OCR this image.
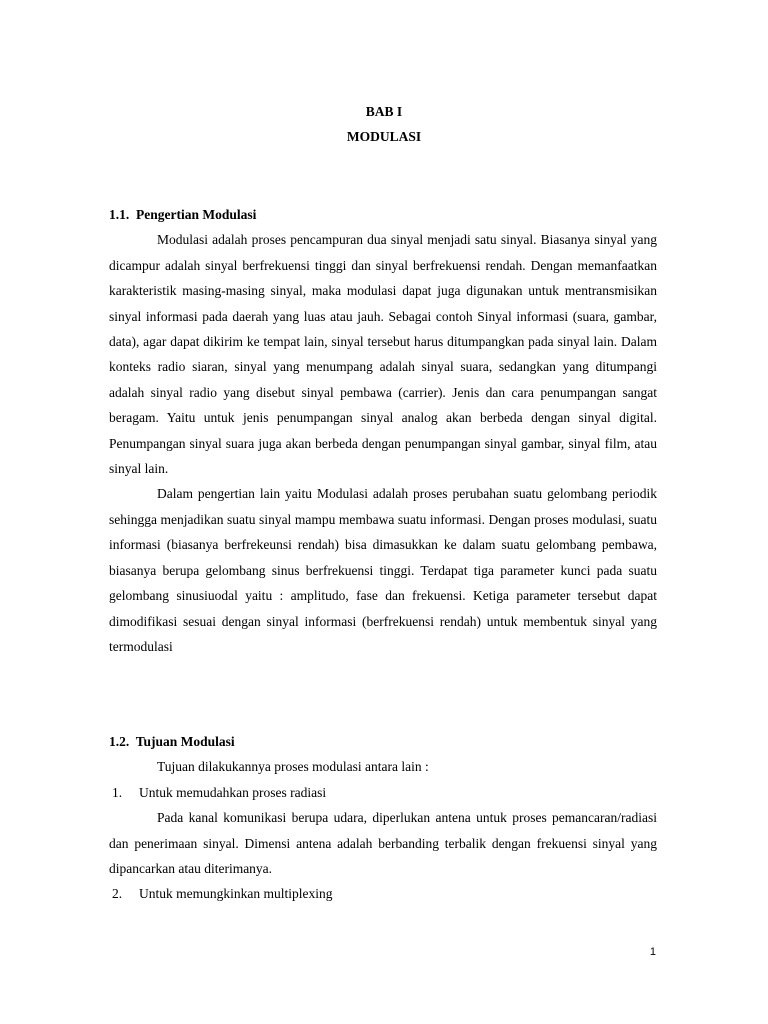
BAB I
MODULASI

1.1.  Pengertian Modulasi

Modulasi adalah proses pencampuran dua sinyal menjadi satu sinyal. Biasanya sinyal yang dicampur adalah sinyal berfrekuensi tinggi dan sinyal berfrekuensi rendah. Dengan memanfaatkan karakteristik masing-masing sinyal, maka modulasi dapat juga digunakan untuk mentransmisikan sinyal informasi pada daerah yang luas atau jauh. Sebagai contoh Sinyal informasi (suara, gambar, data), agar dapat dikirim ke tempat lain, sinyal tersebut harus ditumpangkan pada sinyal lain. Dalam konteks radio siaran, sinyal yang menumpang adalah sinyal suara, sedangkan yang ditumpangi adalah sinyal radio yang disebut sinyal pembawa (carrier). Jenis dan cara penumpangan sangat beragam. Yaitu untuk jenis penumpangan sinyal analog akan berbeda dengan sinyal digital. Penumpangan sinyal suara juga akan berbeda dengan penumpangan sinyal gambar, sinyal film, atau sinyal lain.

Dalam pengertian lain yaitu Modulasi adalah proses perubahan suatu gelombang periodik sehingga menjadikan suatu sinyal mampu membawa suatu informasi. Dengan proses modulasi, suatu informasi (biasanya berfrekeunsi rendah) bisa dimasukkan ke dalam suatu gelombang pembawa, biasanya berupa gelombang sinus berfrekuensi tinggi. Terdapat tiga parameter kunci pada suatu gelombang sinusiuodal yaitu : amplitudo, fase dan frekuensi. Ketiga parameter tersebut dapat dimodifikasi sesuai dengan sinyal informasi (berfrekuensi rendah) untuk membentuk sinyal yang termodulasi

1.2.  Tujuan Modulasi

Tujuan dilakukannya proses modulasi antara lain :

1. Untuk memudahkan proses radiasi

Pada kanal komunikasi berupa udara, diperlukan antena untuk proses pemancaran/radiasi dan penerimaan sinyal. Dimensi antena adalah berbanding terbalik dengan frekuensi sinyal yang dipancarkan atau diterimanya.

2. Untuk memungkinkan multiplexing

1
